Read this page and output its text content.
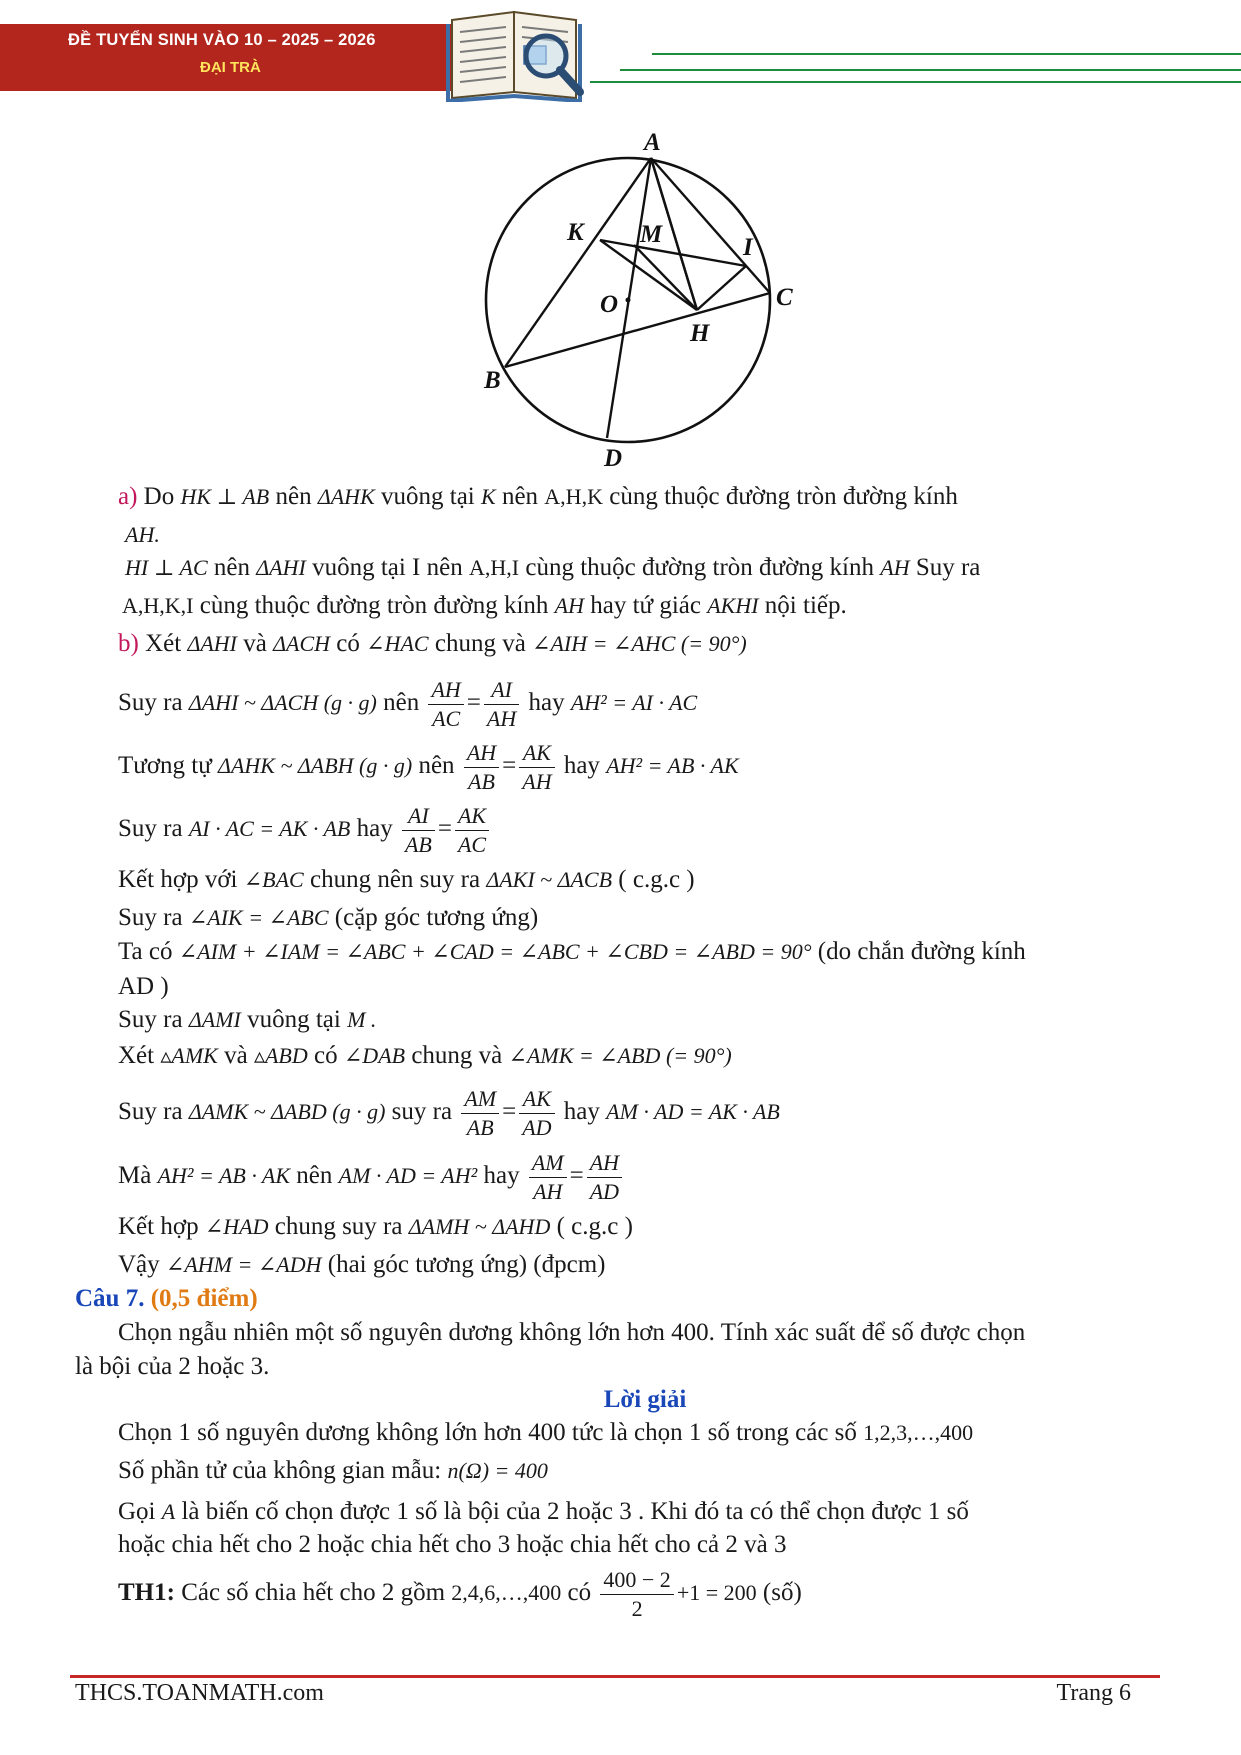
ĐỀ TUYỂN SINH VÀO 10 – 2025 – 2026
ĐẠI TRÀ
A
K M	I
O	C
H
B
D
a) Do HK ⊥ AB nên ΔAHK vuông tại K nên A,H,K cùng thuộc đường tròn đường kính
AH.
HI ⊥ AC nên ΔAHI vuông tại I nên A,H,I cùng thuộc đường tròn đường kính AH Suy ra
A,H,K,I cùng thuộc đường tròn đường kính AH hay tứ giác AKHI nội tiếp.
b) Xét ΔAHI và ΔACH có ∠HAC chung và ∠AIH = ∠AHC (= 90°)
Suy ra ΔAHI ~ ΔACH (g · g) nên $\frac{AH}{AC} = \frac{AI}{AH}$ hay AH² = AI · AC
Tương tự ΔAHK ~ ΔABH (g · g) nên $\frac{AH}{AB} = \frac{AK}{AH}$ hay AH² = AB · AK
Suy ra AI · AC = AK · AB hay $\frac{AI}{AB} = \frac{AK}{AC}$
Kết hợp với ∠BAC chung nên suy ra ΔAKI ~ ΔACB ( c.g.c )
Suy ra ∠AIK = ∠ABC (cặp góc tương ứng)
Ta có ∠AIM + ∠IAM = ∠ABC + ∠CAD = ∠ABC + ∠CBD = ∠ABD = 90° (do chắn đường kính
AD )
Suy ra ΔAMI vuông tại M .
Xét ▵AMK và ▵ABD có ∠DAB chung và ∠AMK = ∠ABD (= 90°)
Suy ra ΔAMK ~ ΔABD (g · g) suy ra $\frac{AM}{AB} = \frac{AK}{AD}$ hay AM · AD = AK · AB
Mà AH² = AB · AK nên AM · AD = AH² hay $\frac{AM}{AH} = \frac{AH}{AD}$
Kết hợp ∠HAD chung suy ra ΔAMH ~ ΔAHD ( c.g.c )
Vậy ∠AHM = ∠ADH (hai góc tương ứng) (đpcm)
Câu 7. (0,5 điểm)
Chọn ngẫu nhiên một số nguyên dương không lớn hơn 400. Tính xác suất để số được chọn
là bội của 2 hoặc 3.
Lời giải
Chọn 1 số nguyên dương không lớn hơn 400 tức là chọn 1 số trong các số 1,2,3,…,400
Số phần tử của không gian mẫu: n(Ω) = 400
Gọi A là biến cố chọn được 1 số là bội của 2 hoặc 3 . Khi đó ta có thể chọn được 1 số
hoặc chia hết cho 2 hoặc chia hết cho 3 hoặc chia hết cho cả 2 và 3
TH1: Các số chia hết cho 2 gồm 2,4,6,…,400 có $\frac{400 - 2}{2} +1 = 200$ (số)
THCS.TOANMATH.com	Trang 6
